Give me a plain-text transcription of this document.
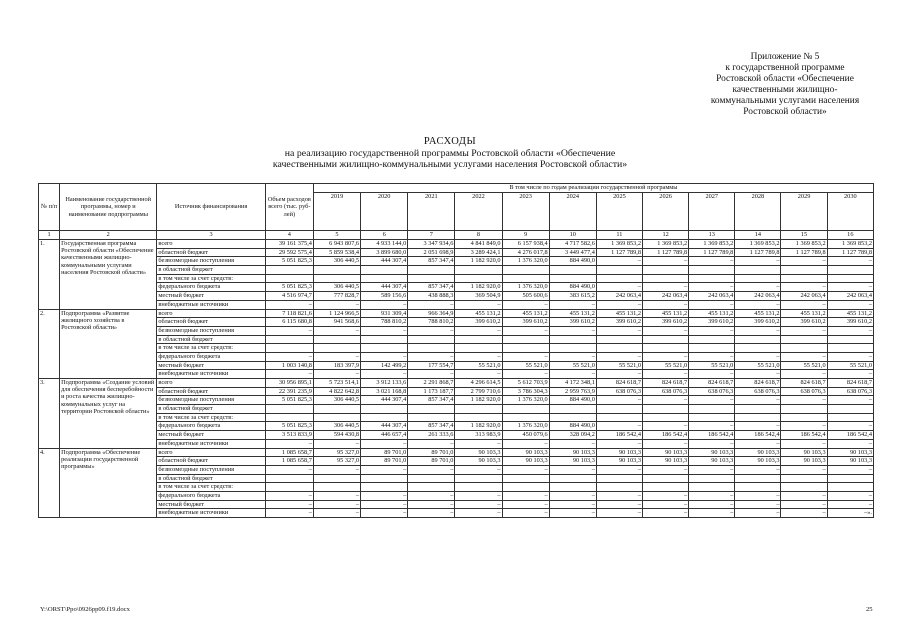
Приложение № 5
к государственной программе
Ростовской области «Обеспечение
качественными жилищно-
коммунальными услугами населения
Ростовской области»
РАСХОДЫ
на реализацию государственной программы Ростовской области «Обеспечение
качественными жилищно-коммунальными услугами населения Ростовской области»
№ п/п	Наименование государственной программы, номер и наименование подпрограммы	Источник финансирования	Объем расходов всего (тыс. руб-лей)	В том числе по годам реализации государственной программы											
				2019	2020	2021	2022	2023	2024	2025	2026	2027	2028	2029	2030
1	2	3	4	5	6	7	8	9	10	11	12	13	14	15	16
1.	Государственная программа Ростовской области «Обеспечение качественными жилищно-коммунальными услугами населения Ростовской области»	всего	39 161 375,4	6 943 807,6	4 933 144,0	3 347 934,6	4 841 849,0	6 157 938,4	4 717 582,6	1 369 853,2	1 369 853,2	1 369 853,2	1 369 853,2	1 369 853,2	1 369 853,2
		областной бюджет	29 592 575,4	5 859 538,4	3 899 680,0	2 051 698,9	3 289 424,1	4 276 017,8	3 449 477,4	1 127 789,8	1 127 789,8	1 127 789,8	1 127 789,8	1 127 789,8	1 127 789,8
		безвозмездные поступления	5 051 825,3	306 440,5	444 307,4	857 347,4	1 182 920,0	1 376 320,0	884 490,0	–	–	–	–	–	–
		в областной бюджет													
		в том числе за счет средств:													
		федерального бюджета	5 051 825,3	306 440,5	444 307,4	857 347,4	1 182 920,0	1 376 320,0	884 490,0	–	–	–	–	–	–
		местный бюджет	4 516 974,7	777 828,7	589 156,6	438 888,3	369 504,9	505 600,6	383 615,2	242 063,4	242 063,4	242 063,4	242 063,4	242 063,4	242 063,4
		внебюджетные источники	–	–	–	–	–	–	–	–	–	–	–	–	–
2.	Подпрограмма «Развитие жилищного хозяйства в Ростовской области»	всего	7 118 821,6	1 124 966,5	931 309,4	966 364,9	455 131,2	455 131,2	455 131,2	455 131,2	455 131,2	455 131,2	455 131,2	455 131,2	455 131,2
		областной бюджет	6 115 680,8	941 568,6	788 810,2	788 810,2	399 610,2	399 610,2	399 610,2	399 610,2	399 610,2	399 610,2	399 610,2	399 610,2	399 610,2
		безвозмездные поступления	–	–	–	–	–	–	–	–	–	–	–	–	–
		в областной бюджет													
		в том числе за счет средств:													
		федерального бюджета	–	–	–	–	–	–	–	–	–	–	–	–	–
		местный бюджет	1 003 140,8	183 397,9	142 499,2	177 554,7	55 521,0	55 521,0	55 521,0	55 521,0	55 521,0	55 521,0	55 521,0	55 521,0	55 521,0
		внебюджетные источники	–	–	–	–	–	–	–	–	–	–	–	–	–
3.	Подпрограмма «Создание условий для обеспечения бесперебойности и роста качества жилищно-коммунальных услуг на территории Ростовской области»	всего	30 956 895,1	5 723 514,1	3 912 133,6	2 291 868,7	4 296 614,5	5 612 703,9	4 172 348,1	824 618,7	824 618,7	824 618,7	824 618,7	824 618,7	824 618,7
		областной бюджет	22 391 235,9	4 822 642,8	3 021 168,8	1 173 187,7	2 799 710,6	3 786 304,3	2 959 763,9	638 076,3	638 076,3	638 076,3	638 076,3	638 076,3	638 076,3
		безвозмездные поступления	5 051 825,3	306 440,5	444 307,4	857 347,4	1 182 920,0	1 376 320,0	884 490,0	–	–	–	–	–	–
		в областной бюджет													
		в том числе за счет средств:													
		федерального бюджета	5 051 825,3	306 440,5	444 307,4	857 347,4	1 182 920,0	1 376 320,0	884 490,0	–	–	–	–	–	–
		местный бюджет	3 513 833,9	594 430,8	446 657,4	261 333,6	313 983,9	450 079,6	328 094,2	186 542,4	186 542,4	186 542,4	186 542,4	186 542,4	186 542,4
		внебюджетные источники	–	–	–	–	–	–	–	–	–	–	–	–	–
4.	Подпрограмма «Обеспечение реализации государственной программы»	всего	1 085 658,7	95 327,0	89 701,0	89 701,0	90 103,3	90 103,3	90 103,3	90 103,3	90 103,3	90 103,3	90 103,3	90 103,3	90 103,3
		областной бюджет	1 085 658,7	95 327,0	89 701,0	89 701,0	90 103,3	90 103,3	90 103,3	90 103,3	90 103,3	90 103,3	90 103,3	90 103,3	90 103,3
		безвозмездные поступления	–	–	–	–	–	–	–	–	–	–	–	–	–
		в областной бюджет													
		в том числе за счет средств:													
		федерального бюджета	–	–	–	–	–	–	–	–	–	–	–	–	–
		местный бюджет	–	–	–	–	–	–	–	–	–	–	–	–	–
		внебюджетные источники	–	–	–	–	–	–	–	–	–	–	–	–	–».
Y:\ORST\Ppo\0926pp09.f19.docx	25
